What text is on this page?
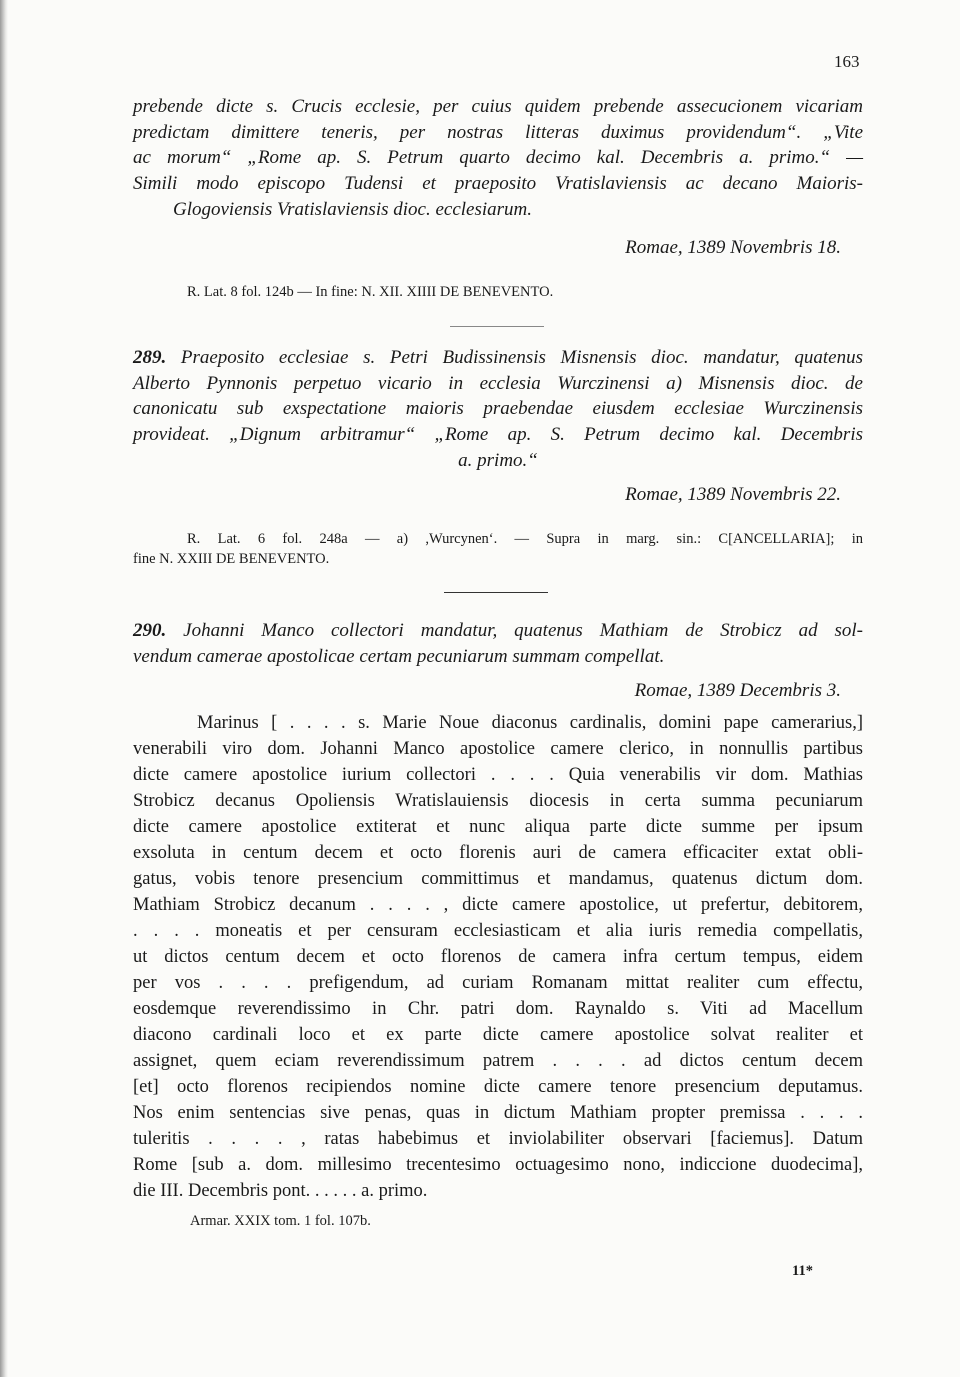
163
prebende dicte s. Crucis ecclesie, per cuius quidem prebende assecucionem vicariam
predictam dimittere teneris, per nostras litteras duximus providendum“. „Vite
ac morum“ „Rome ap. S. Petrum quarto decimo kal. Decembris a. primo.“ —
Simili modo episcopo Tudensi et praeposito Vratislaviensis ac decano Maioris-
Glogoviensis Vratislaviensis dioc. ecclesiarum.
Romae, 1389 Novembris 18.
R. Lat. 8 fol. 124b — In fine: N. XII. XIIII DE BENEVENTO.
289. Praeposito ecclesiae s. Petri Budissinensis Misnensis dioc. mandatur, quatenus
Alberto Pynnonis perpetuo vicario in ecclesia Wurczinensi a) Misnensis dioc. de
canonicatu sub exspectatione maioris praebendae eiusdem ecclesiae Wurczinensis
provideat. „Dignum arbitramur“ „Rome ap. S. Petrum decimo kal. Decembris
a. primo.“
Romae, 1389 Novembris 22.
R. Lat. 6 fol. 248a — a) ,Wurcynen‘. — Supra in marg. sin.: C[ANCELLARIA]; in
fine N. XXIII DE BENEVENTO.
290. Johanni Manco collectori mandatur, quatenus Mathiam de Strobicz ad sol-
vendum camerae apostolicae certam pecuniarum summam compellat.
Romae, 1389 Decembris 3.
Marinus [ . . . . s. Marie Noue diaconus cardinalis, domini pape camerarius,]
venerabili viro dom. Johanni Manco apostolice camere clerico, in nonnullis partibus
dicte camere apostolice iurium collectori . . . . Quia venerabilis vir dom. Mathias
Strobicz decanus Opoliensis Wratislauiensis diocesis in certa summa pecuniarum
dicte camere apostolice extiterat et nunc aliqua parte dicte summe per ipsum
exsoluta in centum decem et octo florenis auri de camera efficaciter extat obli-
gatus, vobis tenore presencium committimus et mandamus, quatenus dictum dom.
Mathiam Strobicz decanum . . . . , dicte camere apostolice, ut prefertur, debitorem,
. . . . moneatis et per censuram ecclesiasticam et alia iuris remedia compellatis,
ut dictos centum decem et octo florenos de camera infra certum tempus, eidem
per vos . . . . prefigendum, ad curiam Romanam mittat realiter cum effectu,
eosdemque reverendissimo in Chr. patri dom. Raynaldo s. Viti ad Macellum
diacono cardinali loco et ex parte dicte camere apostolice solvat realiter et
assignet, quem eciam reverendissimum patrem . . . . ad dictos centum decem
[et] octo florenos recipiendos nomine dicte camere tenore presencium deputamus.
Nos enim sentencias sive penas, quas in dictum Mathiam propter premissa . . . .
tuleritis . . . . , ratas habebimus et inviolabiliter observari [faciemus]. Datum
Rome [sub a. dom. millesimo trecentesimo octuagesimo nono, indiccione duodecima],
die III. Decembris pont. . . . . . a. primo.
Armar. XXIX tom. 1 fol. 107b.
11*
